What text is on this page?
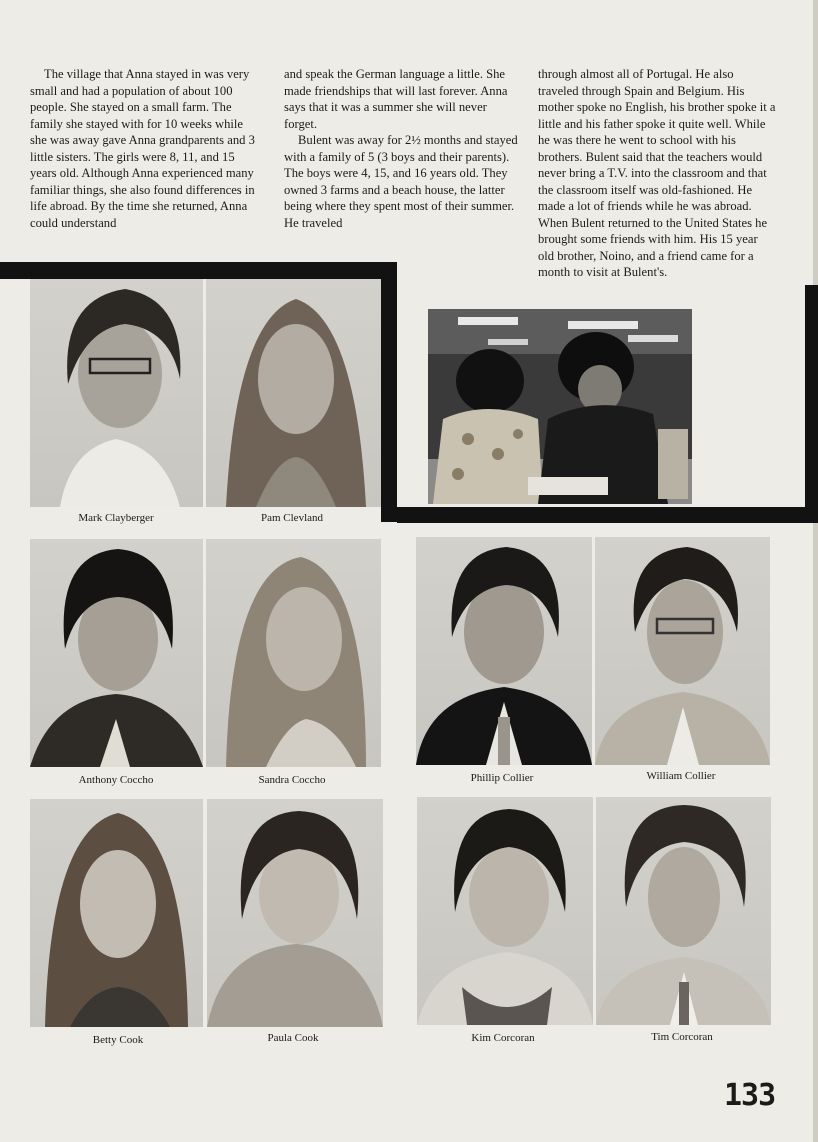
The village that Anna stayed in was very small and had a population of about 100 people. She stayed on a small farm. The family she stayed with for 10 weeks while she was away gave Anna grandparents and 3 little sisters. The girls were 8, 11, and 15 years old. Although Anna experienced many familiar things, she also found differences in life abroad. By the time she returned, Anna could understand

and speak the German language a little. She made friendships that will last forever. Anna says that it was a summer she will never forget.

Bulent was away for 2½ months and stayed with a family of 5 (3 boys and their parents). The boys were 4, 15, and 16 years old. They owned 3 farms and a beach house, the latter being where they spent most of their summer. He traveled

through almost all of Portugal. He also traveled through Spain and Belgium. His mother spoke no English, his brother spoke it a little and his father spoke it quite well. While he was there he went to school with his brothers. Bulent said that the teachers would never bring a T.V. into the classroom and that the classroom itself was old-fashioned. He made a lot of friends while he was abroad. When Bulent returned to the United States he brought some friends with him. His 15 year old brother, Noino, and a friend came for a month to visit at Bulent's.

Mark Clayberger	Pam Clevland
Anthony Coccho	Sandra Coccho	Phillip Collier	William Collier
Betty Cook	Paula Cook	Kim Corcoran	Tim Corcoran
133
